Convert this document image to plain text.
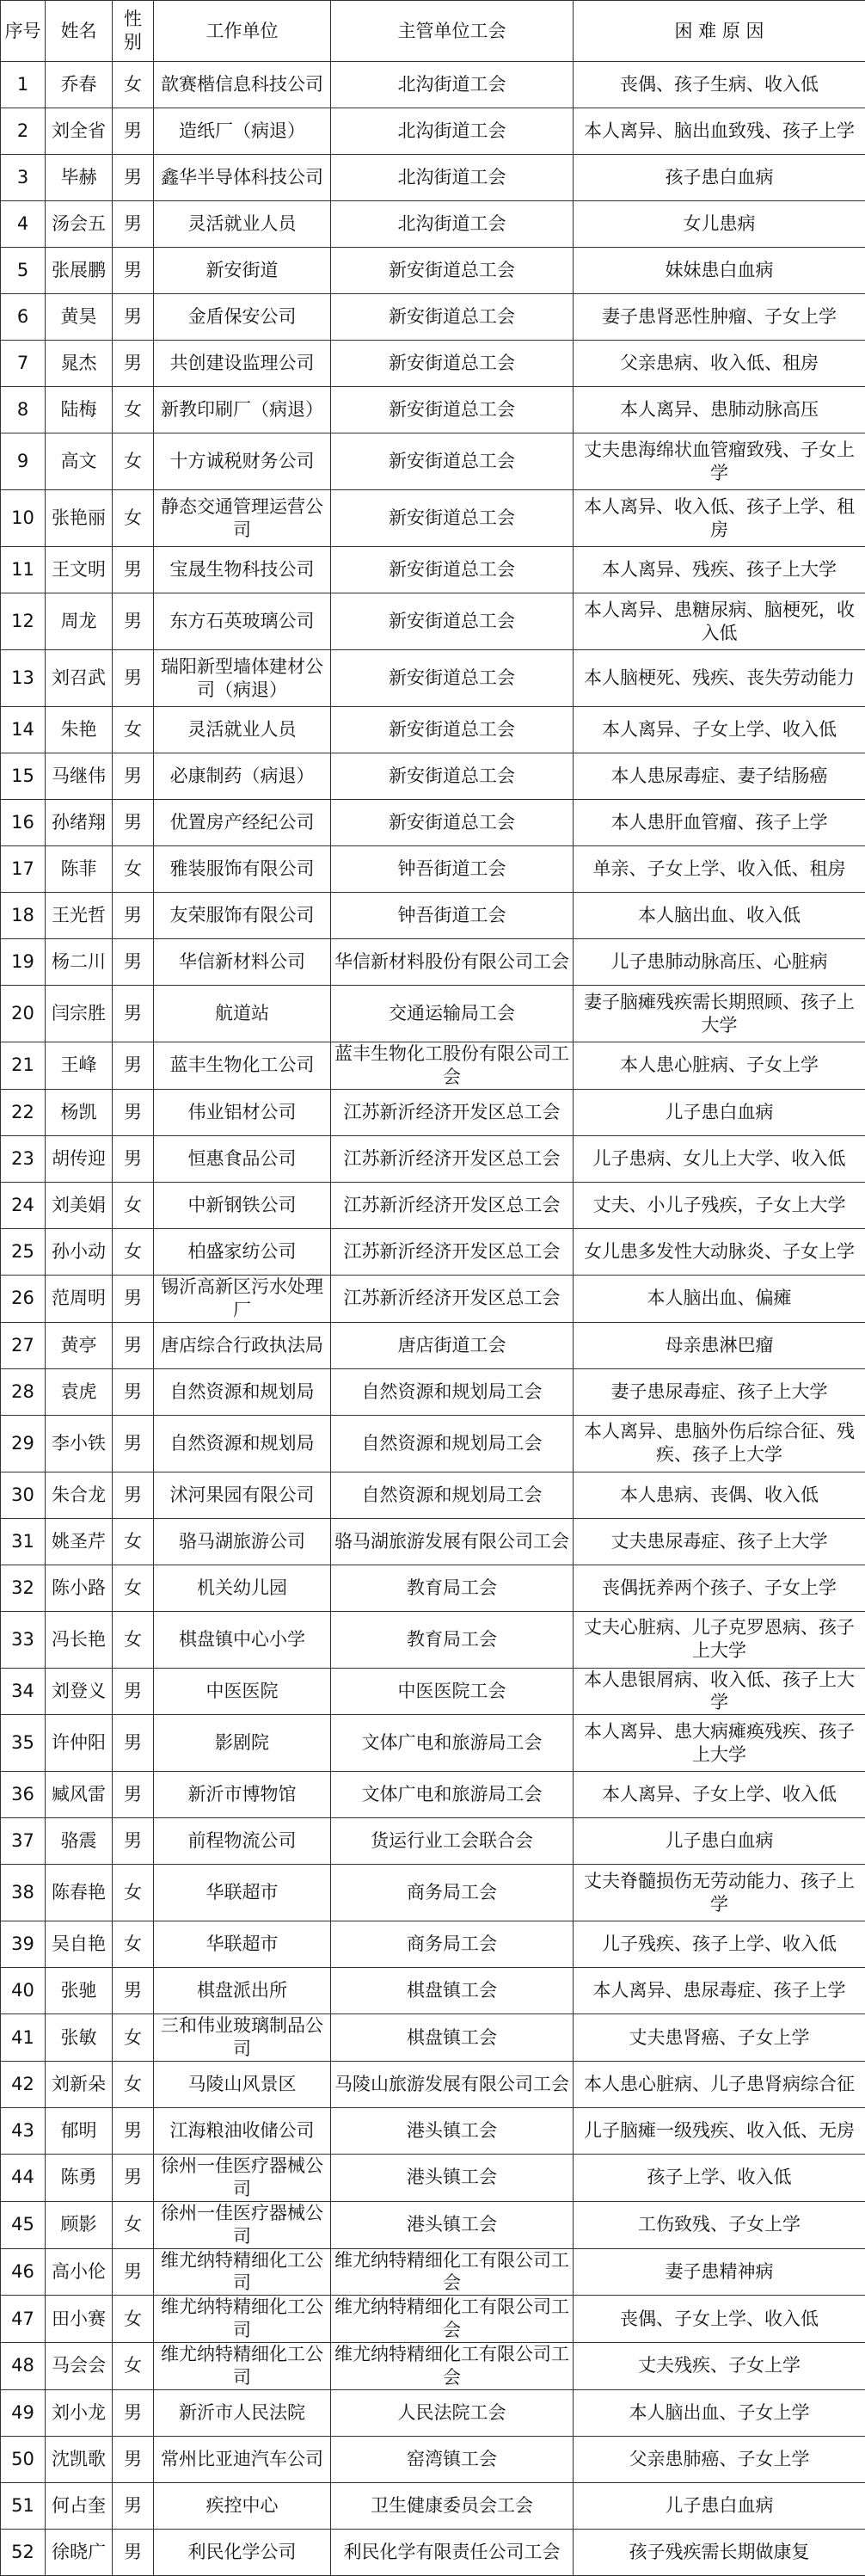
序号	姓名	性别	工作单位	主管单位工会	困 难 原 因
1	乔春	女	歆赛楷信息科技公司	北沟街道工会	丧偶、孩子生病、收入低
2	刘全省	男	造纸厂（病退）	北沟街道工会	本人离异、脑出血致残、孩子上学
3	毕赫	男	鑫华半导体科技公司	北沟街道工会	孩子患白血病
4	汤会五	男	灵活就业人员	北沟街道工会	女儿患病
5	张展鹏	男	新安街道	新安街道总工会	妹妹患白血病
6	黄昊	男	金盾保安公司	新安街道总工会	妻子患肾恶性肿瘤、子女上学
7	晁杰	男	共创建设监理公司	新安街道总工会	父亲患病、收入低、租房
8	陆梅	女	新教印刷厂（病退）	新安街道总工会	本人离异、患肺动脉高压
9	高文	女	十方诚税财务公司	新安街道总工会	丈夫患海绵状血管瘤致残、子女上学
10	张艳丽	女	静态交通管理运营公司	新安街道总工会	本人离异、收入低、孩子上学、租房
11	王文明	男	宝晟生物科技公司	新安街道总工会	本人离异、残疾、孩子上大学
12	周龙	男	东方石英玻璃公司	新安街道总工会	本人离异、患糖尿病、脑梗死，收入低
13	刘召武	男	瑞阳新型墙体建材公司（病退）	新安街道总工会	本人脑梗死、残疾、丧失劳动能力
14	朱艳	女	灵活就业人员	新安街道总工会	本人离异、子女上学、收入低
15	马继伟	男	必康制药（病退）	新安街道总工会	本人患尿毒症、妻子结肠癌
16	孙绪翔	男	优置房产经纪公司	新安街道总工会	本人患肝血管瘤、孩子上学
17	陈菲	女	雅装服饰有限公司	钟吾街道工会	单亲、子女上学、收入低、租房
18	王光哲	男	友荣服饰有限公司	钟吾街道工会	本人脑出血、收入低
19	杨二川	男	华信新材料公司	华信新材料股份有限公司工会	儿子患肺动脉高压、心脏病
20	闫宗胜	男	航道站	交通运输局工会	妻子脑瘫残疾需长期照顾、孩子上大学
21	王峰	男	蓝丰生物化工公司	蓝丰生物化工股份有限公司工会	本人患心脏病、子女上学
22	杨凯	男	伟业铝材公司	江苏新沂经济开发区总工会	儿子患白血病
23	胡传迎	男	恒惠食品公司	江苏新沂经济开发区总工会	儿子患病、女儿上大学、收入低
24	刘美娟	女	中新钢铁公司	江苏新沂经济开发区总工会	丈夫、小儿子残疾，子女上大学
25	孙小动	女	柏盛家纺公司	江苏新沂经济开发区总工会	女儿患多发性大动脉炎、子女上学
26	范周明	男	锡沂高新区污水处理厂	江苏新沂经济开发区总工会	本人脑出血、偏瘫
27	黄亭	男	唐店综合行政执法局	唐店街道工会	母亲患淋巴瘤
28	袁虎	男	自然资源和规划局	自然资源和规划局工会	妻子患尿毒症、孩子上大学
29	李小铁	男	自然资源和规划局	自然资源和规划局工会	本人离异、患脑外伤后综合征、残疾、孩子上大学
30	朱合龙	男	沭河果园有限公司	自然资源和规划局工会	本人患病、丧偶、收入低
31	姚圣芹	女	骆马湖旅游公司	骆马湖旅游发展有限公司工会	丈夫患尿毒症、孩子上大学
32	陈小路	女	机关幼儿园	教育局工会	丧偶抚养两个孩子、子女上学
33	冯长艳	女	棋盘镇中心小学	教育局工会	丈夫心脏病、儿子克罗恩病、孩子上大学
34	刘登义	男	中医医院	中医医院工会	本人患银屑病、收入低、孩子上大学
35	许仲阳	男	影剧院	文体广电和旅游局工会	本人离异、患大病瘫痪残疾、孩子上大学
36	臧风雷	男	新沂市博物馆	文体广电和旅游局工会	本人离异、子女上学、收入低
37	骆震	男	前程物流公司	货运行业工会联合会	儿子患白血病
38	陈春艳	女	华联超市	商务局工会	丈夫脊髓损伤无劳动能力、孩子上学
39	吴自艳	女	华联超市	商务局工会	儿子残疾、孩子上学、收入低
40	张驰	男	棋盘派出所	棋盘镇工会	本人离异、患尿毒症、孩子上学
41	张敏	女	三和伟业玻璃制品公司	棋盘镇工会	丈夫患肾癌、子女上学
42	刘新朵	女	马陵山风景区	马陵山旅游发展有限公司工会	本人患心脏病、儿子患肾病综合征
43	郁明	男	江海粮油收储公司	港头镇工会	儿子脑瘫一级残疾、收入低、无房
44	陈勇	男	徐州一佳医疗器械公司	港头镇工会	孩子上学、收入低
45	顾影	女	徐州一佳医疗器械公司	港头镇工会	工伤致残、子女上学
46	高小伦	男	维尤纳特精细化工公司	维尤纳特精细化工有限公司工会	妻子患精神病
47	田小赛	女	维尤纳特精细化工公司	维尤纳特精细化工有限公司工会	丧偶、子女上学、收入低
48	马会会	女	维尤纳特精细化工公司	维尤纳特精细化工有限公司工会	丈夫残疾、子女上学
49	刘小龙	男	新沂市人民法院	人民法院工会	本人脑出血、子女上学
50	沈凯歌	男	常州比亚迪汽车公司	窑湾镇工会	父亲患肺癌、子女上学
51	何占奎	男	疾控中心	卫生健康委员会工会	儿子患白血病
52	徐晓广	男	利民化学公司	利民化学有限责任公司工会	孩子残疾需长期做康复
